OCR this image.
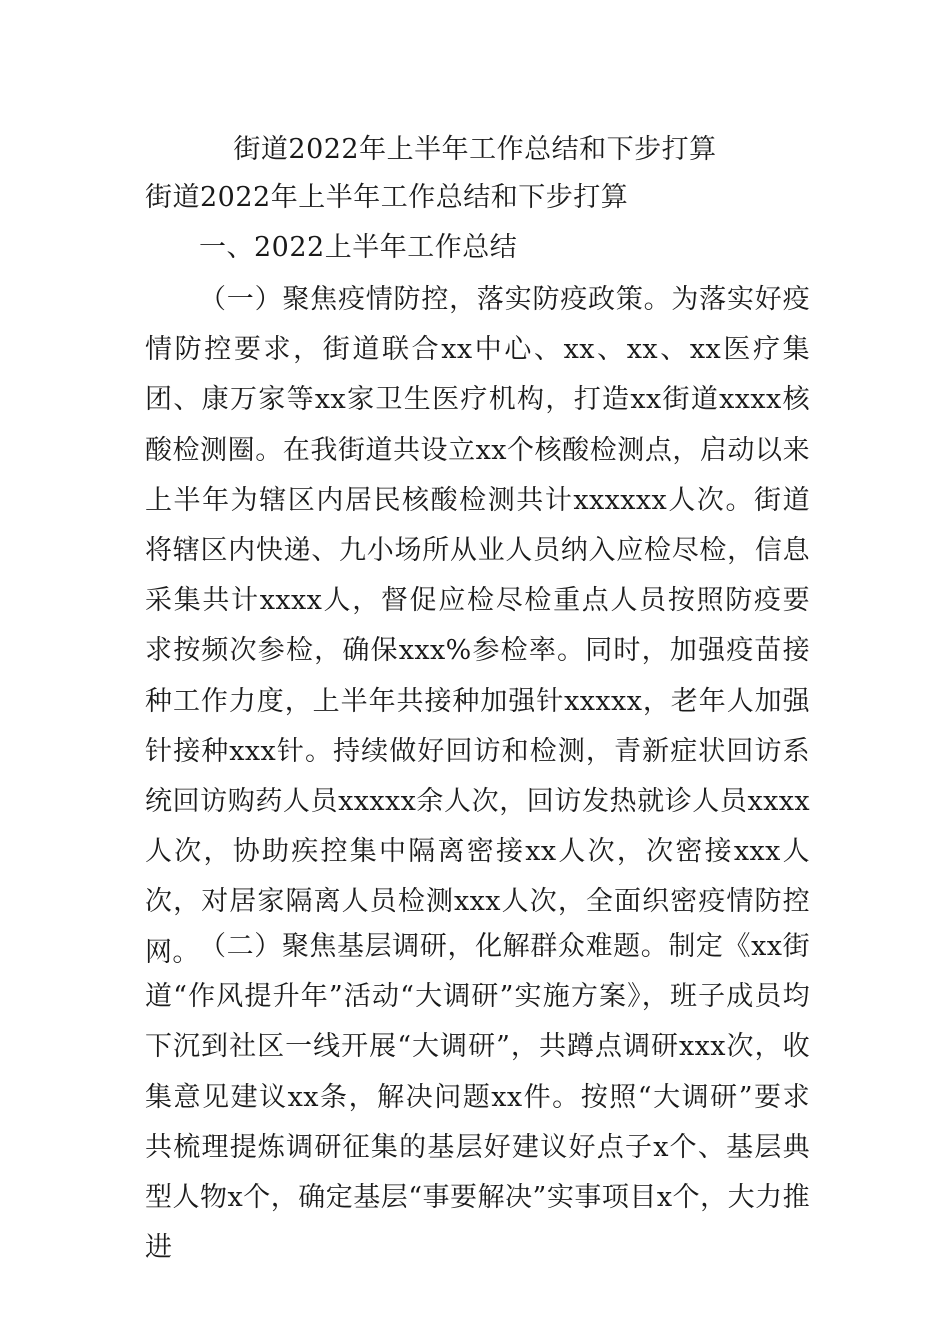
街道2022年上半年工作总结和下步打算
街道2022年上半年工作总结和下步打算
一、2022上半年工作总结

（一）聚焦疫情防控，落实防疫政策。为落实好疫情防控要求，街道联合xx中心、xx、xx、xx医疗集团、康万家等xx家卫生医疗机构，打造xx街道xxxx核酸检测圈。在我街道共设立xx个核酸检测点，启动以来上半年为辖区内居民核酸检测共计xxxxxx人次。街道将辖区内快递、九小场所从业人员纳入应检尽检，信息采集共计xxxx人，督促应检尽检重点人员按照防疫要求按频次参检，确保xxx%参检率。同时，加强疫苗接种工作力度，上半年共接种加强针xxxxx，老年人加强针接种xxx针。持续做好回访和检测，青新症状回访系统回访购药人员xxxxx余人次，回访发热就诊人员xxxx人次，协助疾控集中隔离密接xx人次，次密接xxx人次，对居家隔离人员检测xxx人次，全面织密疫情防控网。 （二）聚焦基层调研，化解群众难题。制定《xx街道“作风提升年”活动“大调研”实施方案》，班子成员均下沉到社区一线开展“大调研”，共蹲点调研xxx次，收集意见建议xx条，解决问题xx件。按照“大调研”要求共梳理提炼调研征集的基层好建议好点子x个、基层典型人物x个，确定基层“事要解决”实事项目x个，大力推进
